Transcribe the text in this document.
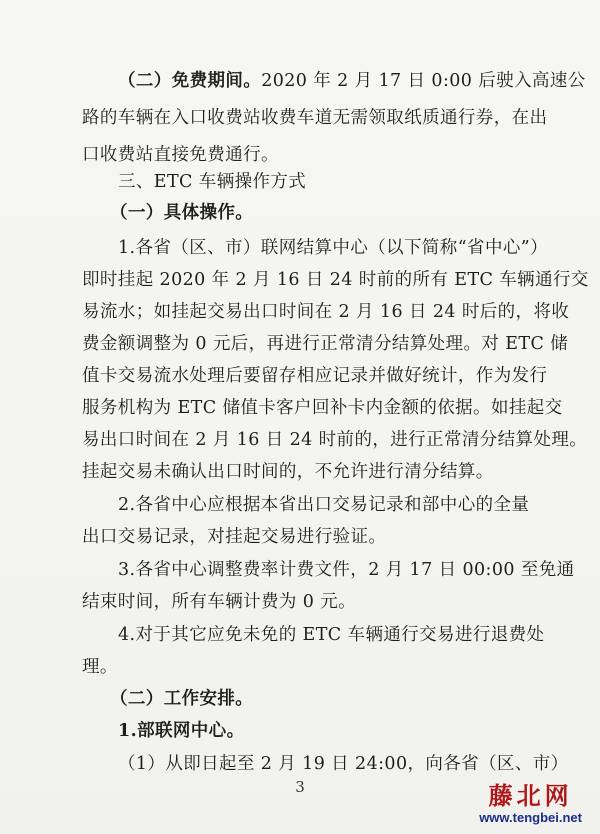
（二）免费期间。2020 年 2 月 17 日 0:00 后驶入高速公
路的车辆在入口收费站收费车道无需领取纸质通行券，在出
口收费站直接免费通行。
三、ETC 车辆操作方式
（一）具体操作。
1.各省（区、市）联网结算中心（以下简称“省中心”）
即时挂起 2020 年 2 月 16 日 24 时前的所有 ETC 车辆通行交
易流水；如挂起交易出口时间在 2 月 16 日 24 时后的，将收
费金额调整为 0 元后，再进行正常清分结算处理。对 ETC 储
值卡交易流水处理后要留存相应记录并做好统计，作为发行
服务机构为 ETC 储值卡客户回补卡内金额的依据。如挂起交
易出口时间在 2 月 16 日 24 时前的，进行正常清分结算处理。
挂起交易未确认出口时间的，不允许进行清分结算。
2.各省中心应根据本省出口交易记录和部中心的全量
出口交易记录，对挂起交易进行验证。
3.各省中心调整费率计费文件，2 月 17 日 00:00 至免通
结束时间，所有车辆计费为 0 元。
4.对于其它应免未免的 ETC 车辆通行交易进行退费处
理。
（二）工作安排。
1.部联网中心。
（1）从即日起至 2 月 19 日 24:00，向各省（区、市）
3	藤北网
www.tengbei.net
